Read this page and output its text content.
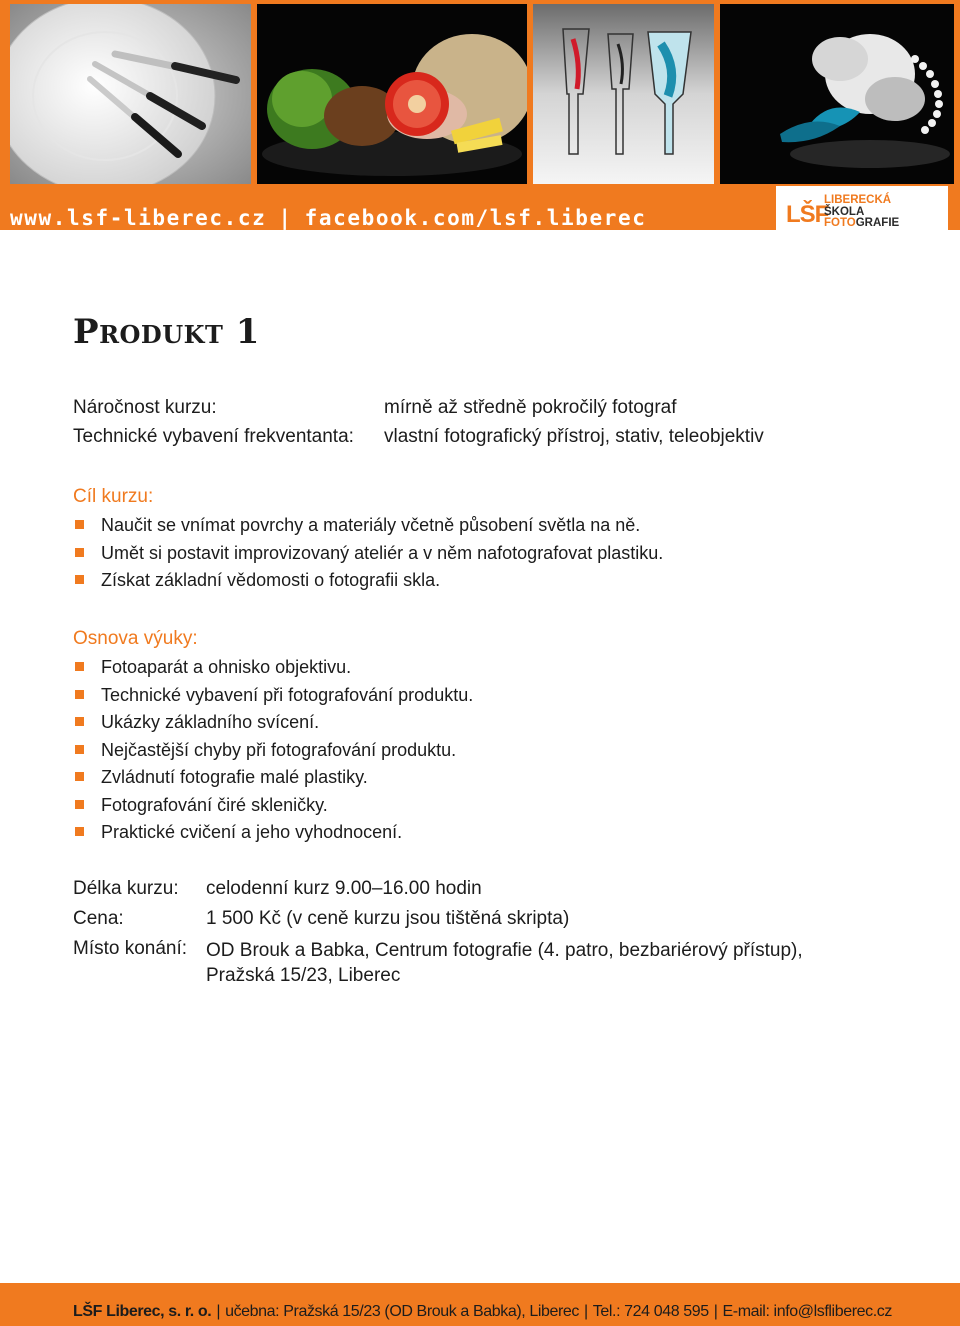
www.lsf-liberec.cz | facebook.com/lsf.liberec	LŠF
LIBERECKÁ
ŠKOLA
FOTOGRAFIE
Produkt 1
Náročnost kurzu:	mírně až středně pokročilý fotograf
Technické vybavení frekventanta: vlastní fotografický přístroj, stativ, teleobjektiv
Cíl kurzu:
Naučit se vnímat povrchy a materiály včetně působení světla na ně.
Umět si postavit improvizovaný ateliér a v něm nafotografovat plastiku.
Získat základní vědomosti o fotografii skla.
Osnova výuky:
Fotoaparát a ohnisko objektivu.
Technické vybavení při fotografování produktu.
Ukázky základního svícení.
Nejčastější chyby při fotografování produktu.
Zvládnutí fotografie malé plastiky.
Fotografování čiré skleničky.
Praktické cvičení a jeho vyhodnocení.
Délka kurzu: celodenní kurz 9.00–16.00 hodin
Cena:	1 500 Kč (v ceně kurzu jsou tištěná skripta)
Místo konání: OD Brouk a Babka, Centrum fotografie (4. patro, bezbariérový přístup),
Pražská 15/23, Liberec
LŠF Liberec, s. r. o. | učebna: Pražská 15/23 (OD Brouk a Babka), Liberec | Tel.: 724 048 595 | E-mail: info@lsfliberec.cz
